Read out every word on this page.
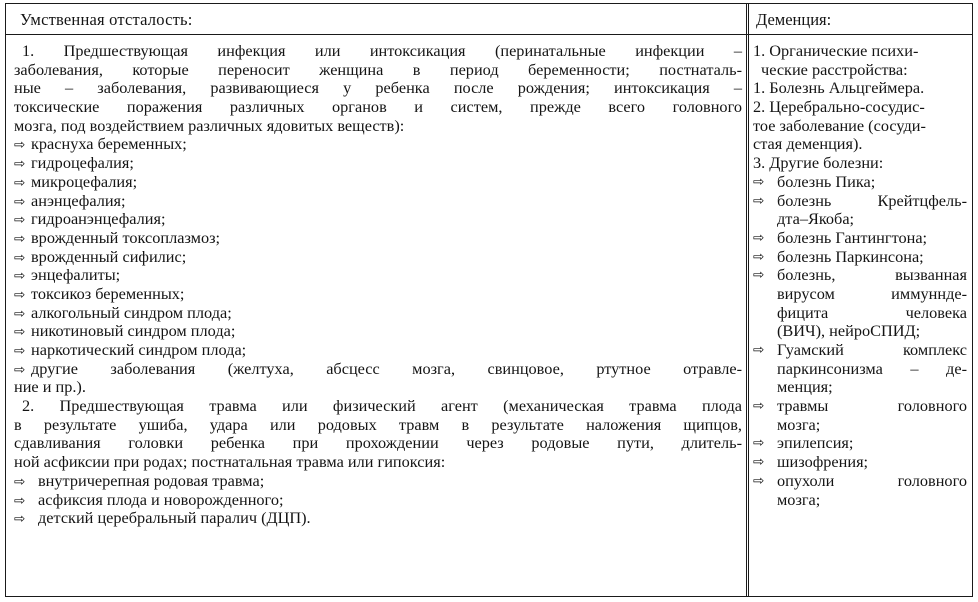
Умственная отсталость:	Деменция:
1. Предшествующая инфекция или интоксикация (перинатальные инфекции –
заболевания, которые переносит женщина в период беременности; постнаталь-
ные – заболевания, развивающиеся у ребенка после рождения; интоксикация –
токсические поражения различных органов и систем, прежде всего головного
мозга, под воздействием различных ядовитых веществ):
⇨ краснуха беременных;
⇨ гидроцефалия;
⇨ микроцефалия;
⇨ анэнцефалия;
⇨ гидроанэнцефалия;
⇨ врожденный токсоплазмоз;
⇨ врожденный сифилис;
⇨ энцефалиты;
⇨ токсикоз беременных;
⇨ алкогольный синдром плода;
⇨ никотиновый синдром плода;
⇨ наркотический синдром плода;
⇨ другие заболевания (желтуха, абсцесс мозга, свинцовое, ртутное отравле-
ние и пр.).
2. Предшествующая травма или физический агент (механическая травма плода
в результате ушиба, удара или родовых травм в результате наложения щипцов,
сдавливания головки ребенка при прохождении через родовые пути, длитель-
ной асфиксии при родах; постнатальная травма или гипоксия:
⇨ внутричерепная родовая травма;
⇨ асфиксия плода и новорожденного;
⇨ детский церебральный паралич (ДЦП).
1. Органические психи-
ческие расстройства:
1. Болезнь Альцгеймера.
2. Церебрально-сосудис-
тое заболевание (сосуди-
стая деменция).
3. Другие болезни:
⇨ болезнь Пика;
⇨ болезнь Крейтцфель-
дта–Якоба;
⇨ болезнь Гантингтона;
⇨ болезнь Паркинсона;
⇨ болезнь, вызванная
вирусом иммуннде-
фицита человека
(ВИЧ), нейроСПИД;
⇨ Гуамский комплекс
паркинсонизма – де-
менция;
⇨ травмы головного
мозга;
⇨ эпилепсия;
⇨ шизофрения;
⇨ опухоли головного
мозга;
